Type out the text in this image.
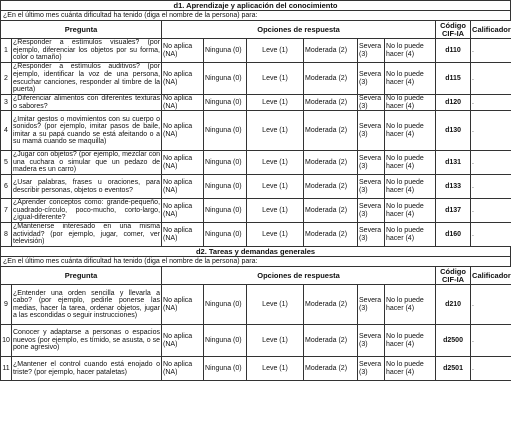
d1. Aprendizaje y aplicación del conocimiento
¿En el último mes cuánta dificultad ha tenido (diga el nombre de la persona) para:
Pregunta		Opciones de respuesta						Código CIF-IA	Calificador
1	¿Responder a estímulos visuales? (por ejemplo, diferenciar los objetos por su forma, color o tamaño)	No aplica (NA)	Ninguna (0)	Leve (1)	Moderada (2)	Severa (3)	No lo puede hacer (4)	d110	.
2	¿Responder a estímulos auditivos? (por ejemplo, identificar la voz de una persona, escuchar canciones, responder al timbre de la puerta)	No aplica (NA)	Ninguna (0)	Leve (1)	Moderada (2)	Severa (3)	No lo puede hacer (4)	d115	.
3	¿Diferenciar alimentos con diferentes texturas o sabores?	No aplica (NA)	Ninguna (0)	Leve (1)	Moderada (2)	Severa (3)	No lo puede hacer (4)	d120	.
4	¿Imitar gestos o movimientos con su cuerpo o sonidos? (por ejemplo, imitar pasos de baile, imitar a su papá cuando se está afeitando o a su mamá cuando se maquilla)	No aplica (NA)	Ninguna (0)	Leve (1)	Moderada (2)	Severa (3)	No lo puede hacer (4)	d130	.
5	¿Jugar con objetos? (por ejemplo, mezclar con una cuchara o simular que un pedazo de madera es un carro)	No aplica (NA)	Ninguna (0)	Leve (1)	Moderada (2)	Severa (3)	No lo puede hacer (4)	d131	.
6	¿Usar palabras, frases u oraciones, para describir personas, objetos o eventos?	No aplica (NA)	Ninguna (0)	Leve (1)	Moderada (2)	Severa (3)	No lo puede hacer (4)	d133	.
7	¿Aprender conceptos como: grande-pequeño, cuadrado-círculo, poco-mucho, corto-largo, ¿igual-diferente?	No aplica (NA)	Ninguna (0)	Leve (1)	Moderada (2)	Severa (3)	No lo puede hacer (4)	d137	.
8	¿Mantenerse interesado en una misma actividad? (por ejemplo, jugar, comer, ver televisión)	No aplica (NA)	Ninguna (0)	Leve (1)	Moderada (2)	Severa (3)	No lo puede hacer (4)	d160	.
d2. Tareas y demandas generales
¿En el último mes cuánta dificultad ha tenido (diga el nombre de la persona) para:
Pregunta		Opciones de respuesta						Código CIF-IA	Calificador
9	¿Entender una orden sencilla y llevarla a cabo? (por ejemplo, pedirle ponerse las medias, hacer la tarea, ordenar objetos, jugar a las escondidas o seguir instrucciones)	No aplica (NA)	Ninguna (0)	Leve (1)	Moderada (2)	Severa (3)	No lo puede hacer (4)	d210	.
10	Conocer y adaptarse a personas o espacios nuevos (por ejemplo, es tímido, se asusta, o se pone agresivo)	No aplica (NA)	Ninguna (0)	Leve (1)	Moderada (2)	Severa (3)	No lo puede hacer (4)	d2500	.
11	¿Mantener el control cuando está enojado o triste? (por ejemplo, hacer pataletas)	No aplica (NA)	Ninguna (0)	Leve (1)	Moderada (2)	Severa (3)	No lo puede hacer (4)	d2501	.
